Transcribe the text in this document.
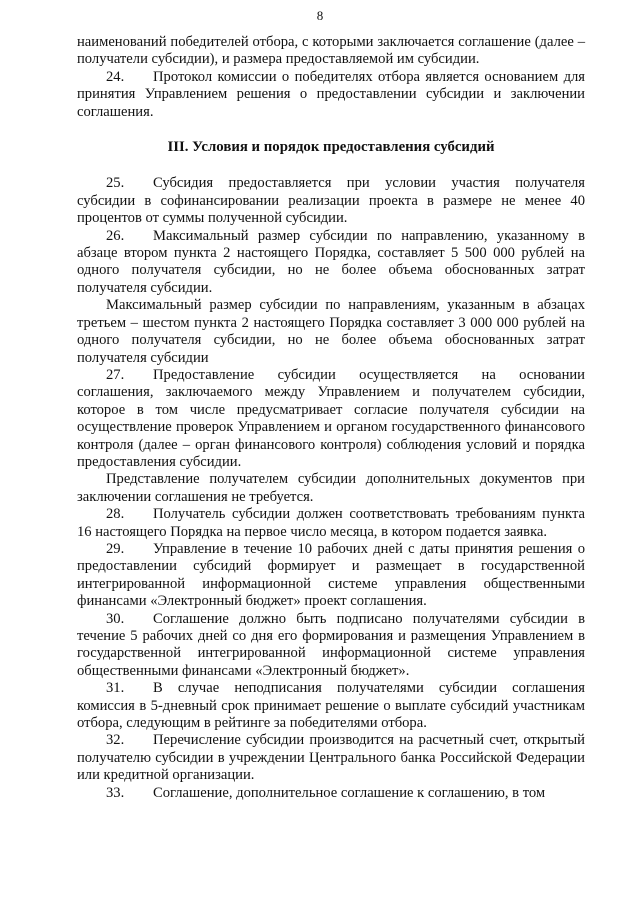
8

наименований победителей отбора, с которыми заключается соглашение (далее – получатели субсидии), и размера предоставляемой им субсидии.

24. Протокол комиссии о победителях отбора является основанием для принятия Управлением решения о предоставлении субсидии и заключении соглашения.

III. Условия и порядок предоставления субсидий

25. Субсидия предоставляется при условии участия получателя субсидии в софинансировании реализации проекта в размере не менее 40 процентов от суммы полученной субсидии.

26. Максимальный размер субсидии по направлению, указанному в абзаце втором пункта 2 настоящего Порядка, составляет 5 500 000 рублей на одного получателя субсидии, но не более объема обоснованных затрат получателя субсидии.

Максимальный размер субсидии по направлениям, указанным в абзацах третьем – шестом пункта 2 настоящего Порядка составляет 3 000 000 рублей на одного получателя субсидии, но не более объема обоснованных затрат получателя субсидии

27. Предоставление субсидии осуществляется на основании соглашения, заключаемого между Управлением и получателем субсидии, которое в том числе предусматривает согласие получателя субсидии на осуществление проверок Управлением и органом государственного финансового контроля (далее – орган финансового контроля) соблюдения условий и порядка предоставления субсидии.

Представление получателем субсидии дополнительных документов при заключении соглашения не требуется.

28. Получатель субсидии должен соответствовать требованиям пункта 16 настоящего Порядка на первое число месяца, в котором подается заявка.

29. Управление в течение 10 рабочих дней с даты принятия решения о предоставлении субсидий формирует и размещает в государственной интегрированной информационной системе управления общественными финансами «Электронный бюджет» проект соглашения.

30. Соглашение должно быть подписано получателями субсидии в течение 5 рабочих дней со дня его формирования и размещения Управлением в государственной интегрированной информационной системе управления общественными финансами «Электронный бюджет».

31. В случае неподписания получателями субсидии соглашения комиссия в 5-дневный срок принимает решение о выплате субсидий участникам отбора, следующим в рейтинге за победителями отбора.

32. Перечисление субсидии производится на расчетный счет, открытый получателю субсидии в учреждении Центрального банка Российской Федерации или кредитной организации.

33. Соглашение, дополнительное соглашение к соглашению, в том
